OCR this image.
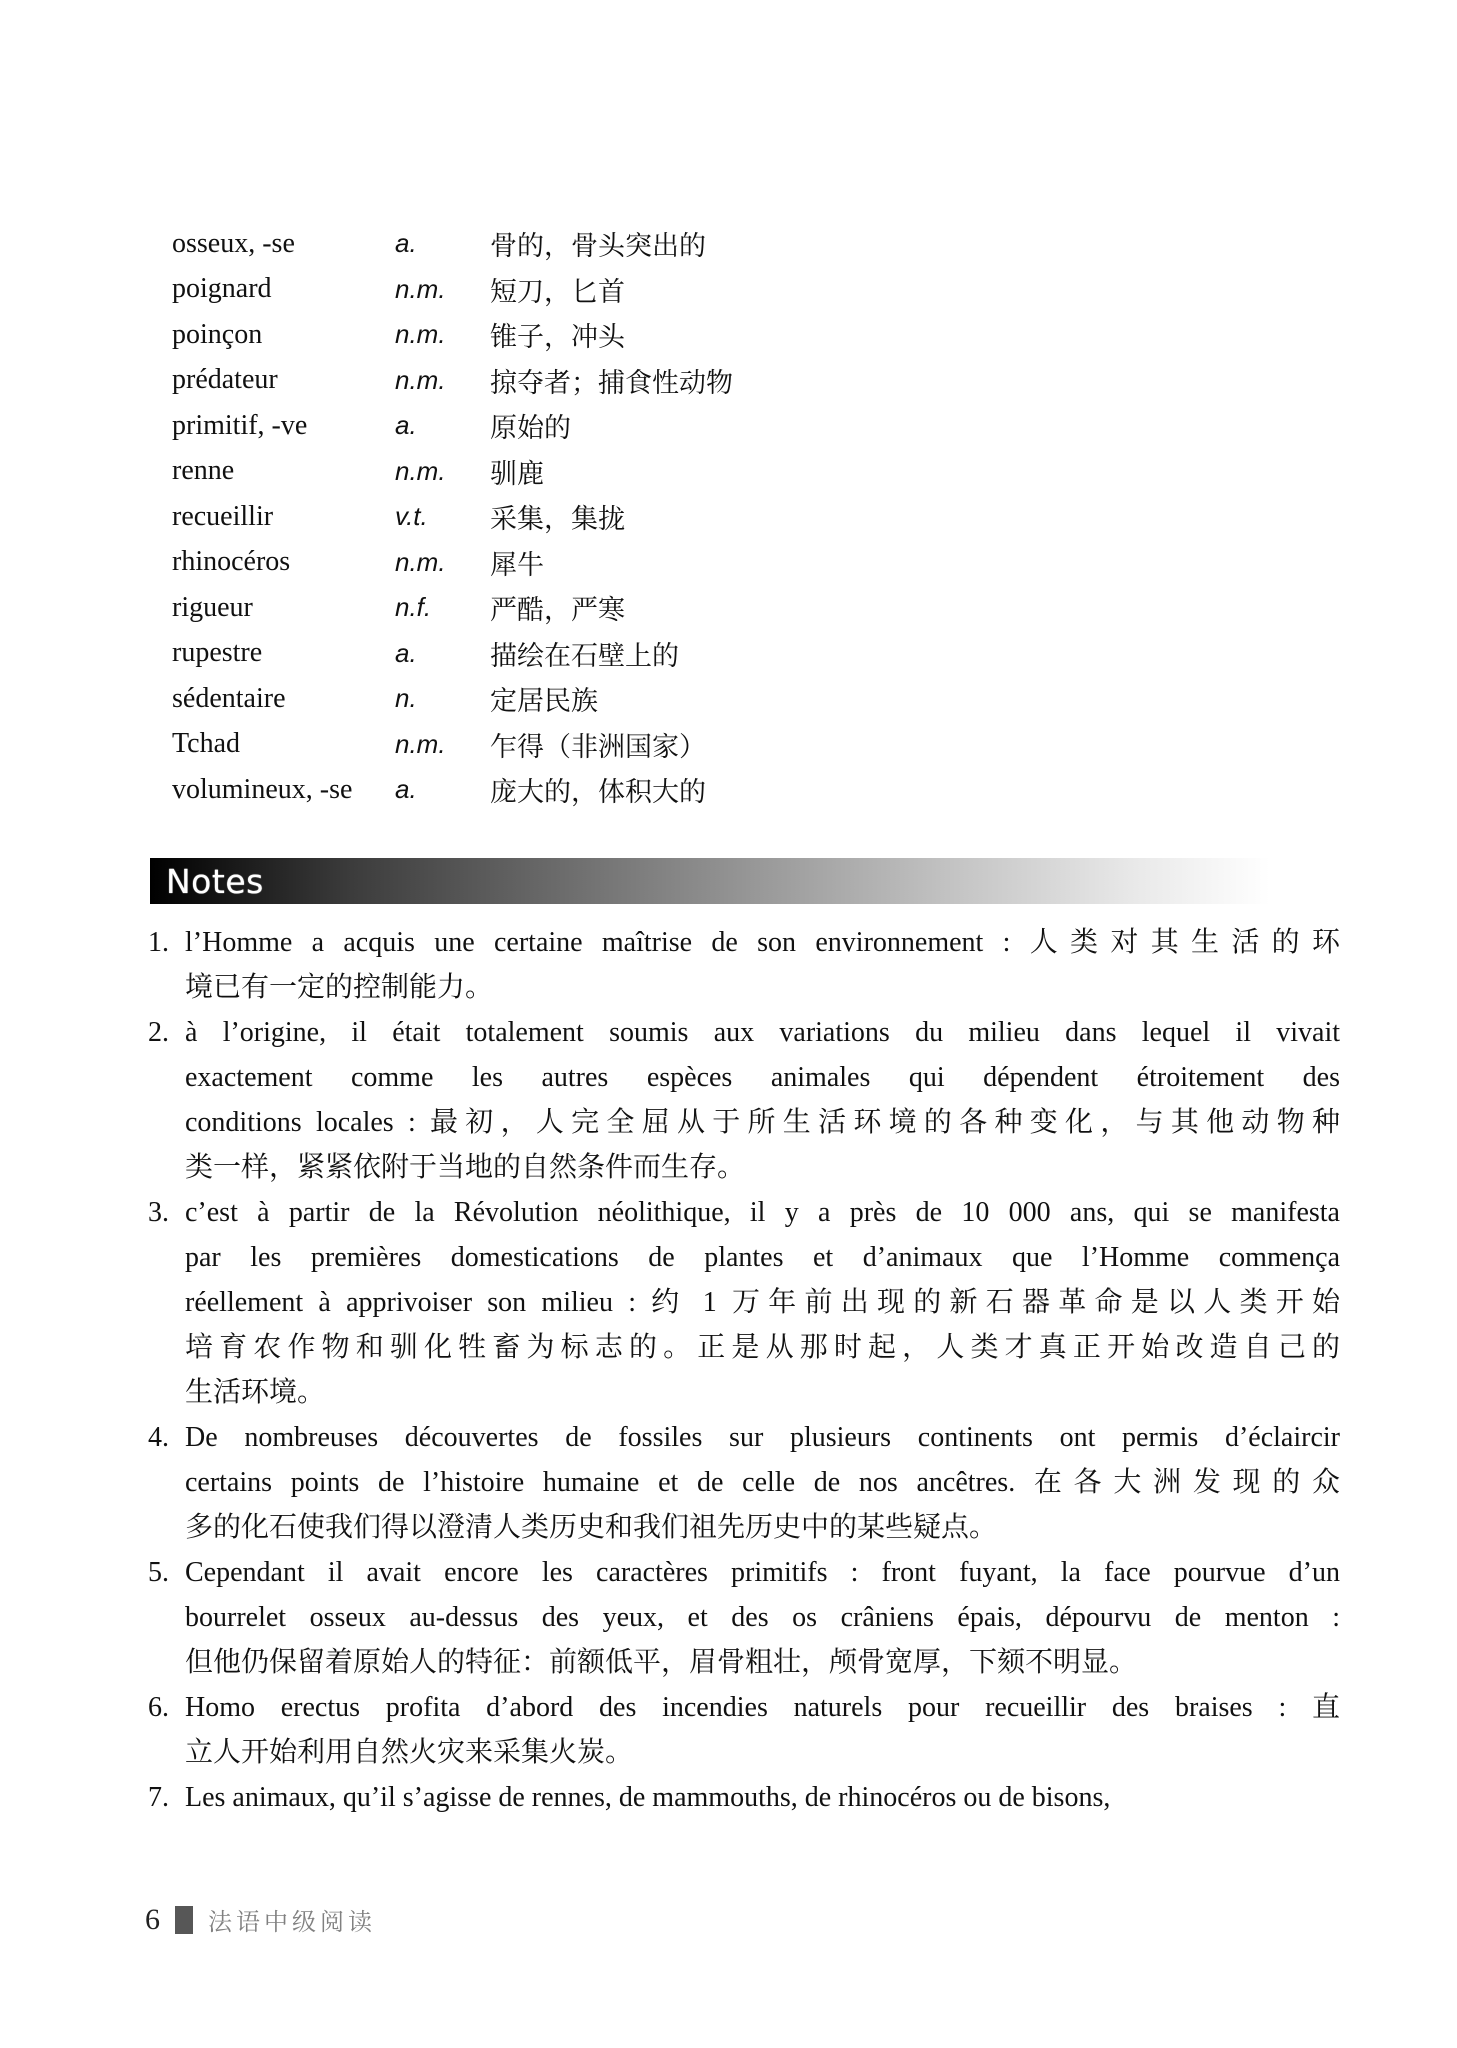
osseux, -se	a.	骨的，骨头突出的
poignard	n.m.	短刀，匕首
poinçon	n.m.	锥子，冲头
prédateur	n.m.	掠夺者；捕食性动物
primitif, -ve	a.	原始的
renne	n.m.	驯鹿
recueillir	v.t.	采集，集拢
rhinocéros	n.m.	犀牛
rigueur	n.f.	严酷，严寒
rupestre	a.	描绘在石壁上的
sédentaire	n.	定居民族
Tchad	n.m.	乍得（非洲国家）
volumineux, -se	a.	庞大的，体积大的
Notes
1. l’Homme a acquis une certaine maîtrise de son environnement : 人类对其生活的环
境已有一定的控制能力。
2. à l’origine, il était totalement soumis aux variations du milieu dans lequel il vivait
exactement comme les autres espèces animales qui dépendent étroitement des
conditions locales : 最初，人完全屈从于所生活环境的各种变化，与其他动物种
类一样，紧紧依附于当地的自然条件而生存。
3. c’est à partir de la Révolution néolithique, il y a près de 10 000 ans, qui se manifesta
par les premières domestications de plantes et d’animaux que l’Homme commença
réellement à apprivoiser son milieu : 约 1 万年前出现的新石器革命是以人类开始
培育农作物和驯化牲畜为标志的。正是从那时起，人类才真正开始改造自己的
生活环境。
4. De nombreuses découvertes de fossiles sur plusieurs continents ont permis d’éclaircir
certains points de l’histoire humaine et de celle de nos ancêtres. 在各大洲发现的众
多的化石使我们得以澄清人类历史和我们祖先历史中的某些疑点。
5. Cependant il avait encore les caractères primitifs : front fuyant, la face pourvue d’un
bourrelet osseux au-dessus des yeux, et des os crâniens épais, dépourvu de menton :
但他仍保留着原始人的特征：前额低平，眉骨粗壮，颅骨宽厚，下颏不明显。
6. Homo erectus profita d’abord des incendies naturels pour recueillir des braises : 直
立人开始利用自然火灾来采集火炭。
7. Les animaux, qu’il s’agisse de rennes, de mammouths, de rhinocéros ou de bisons,
6 法语中级阅读
